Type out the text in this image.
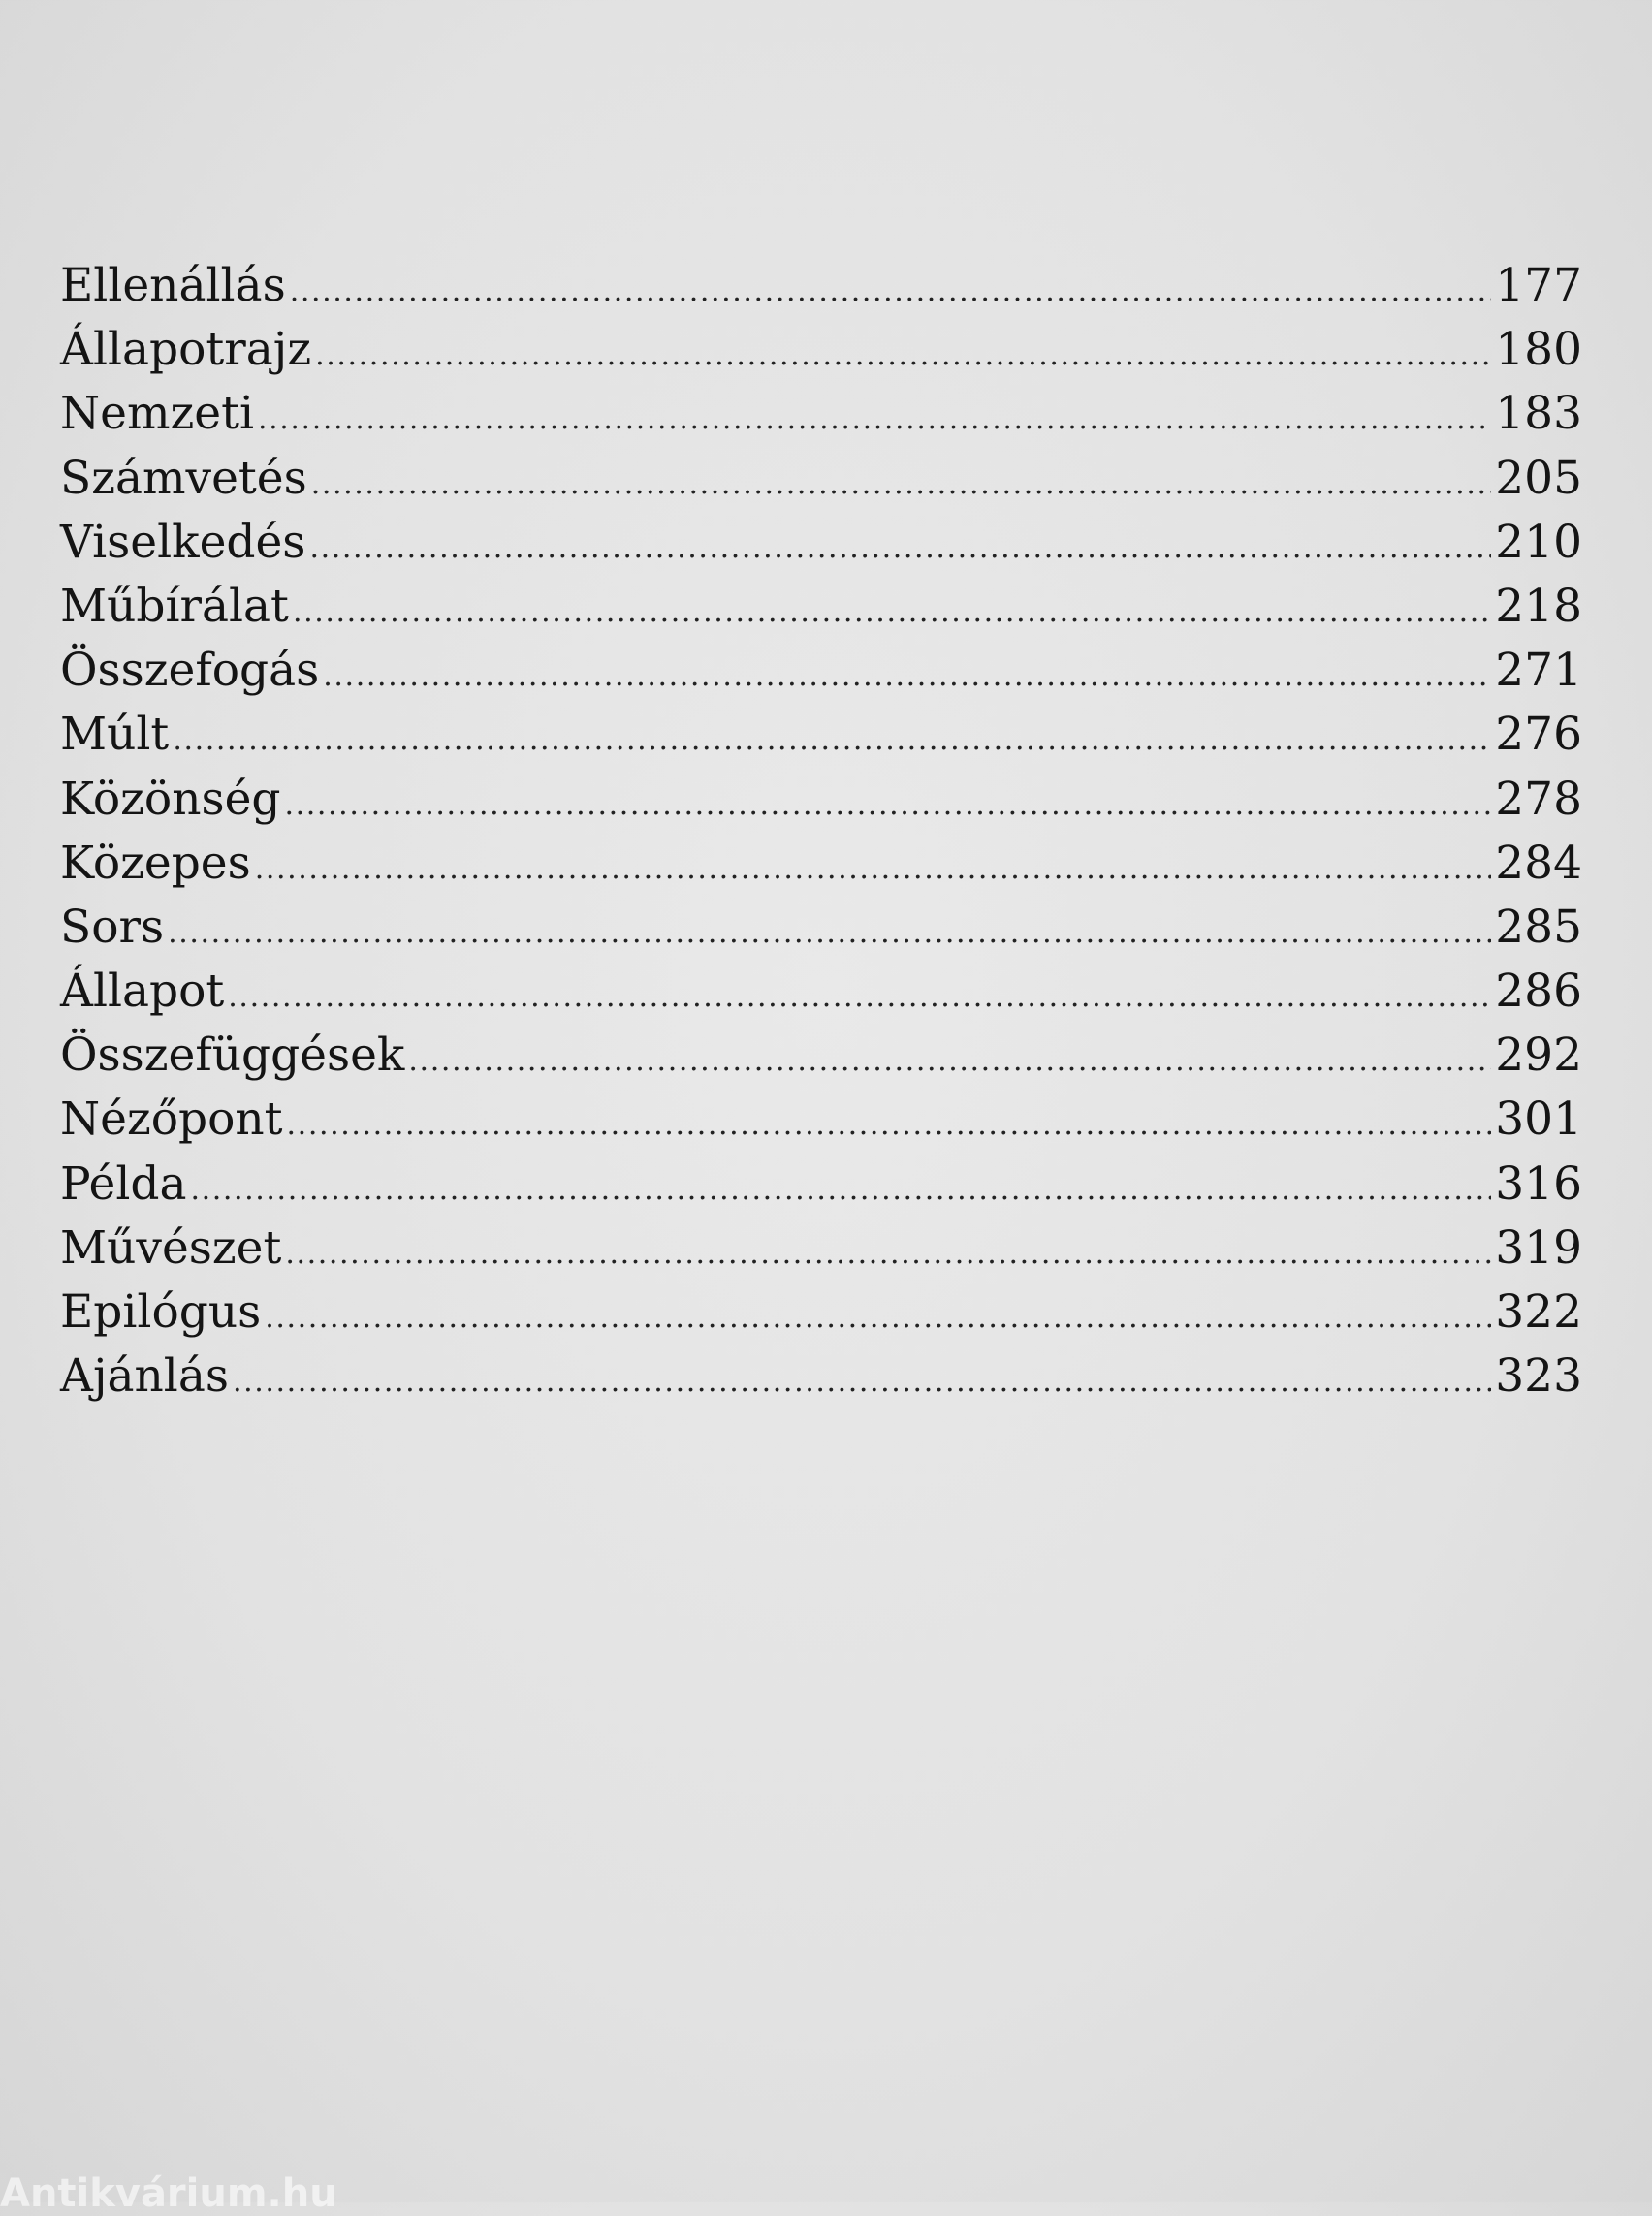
Ellenállás .....	177
Állapotrajz .....	180
Nemzeti .....	183
Számvetés .....	205
Viselkedés .....	210
Műbírálat .....	218
Összefogás .....	271
Múlt .....	276
Közönség .....	278
Közepes .....	284
Sors .....	285
Állapot .....	286
Összefüggések .....	292
Nézőpont .....	301
Példa .....	316
Művészet .....	319
Epilógus .....	322
Ajánlás .....	323
Antikvárium.hu
